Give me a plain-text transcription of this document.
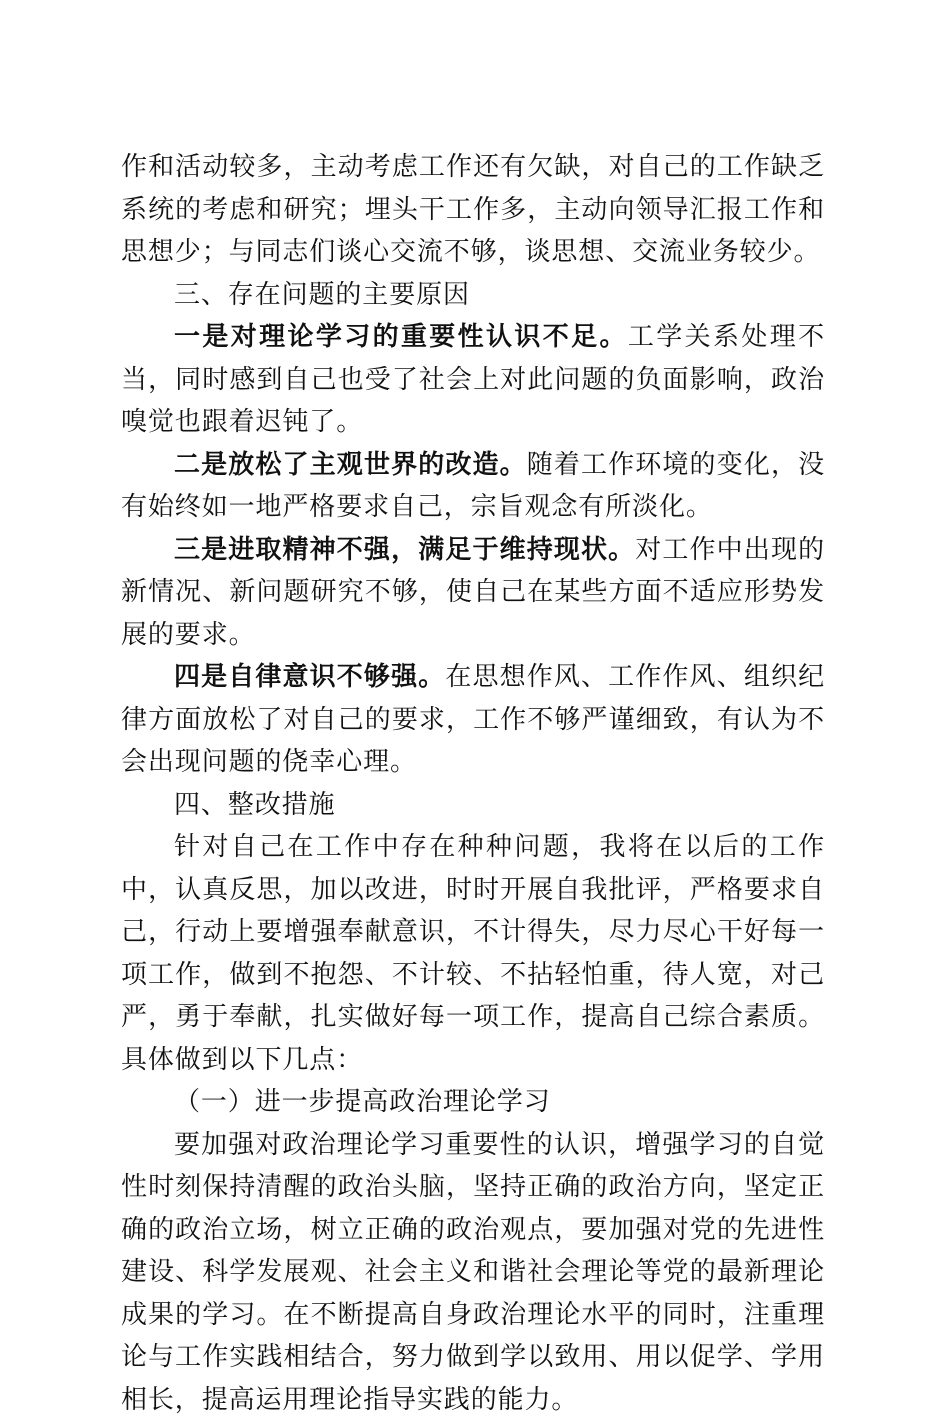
作和活动较多，主动考虑工作还有欠缺，对自己的工作缺乏系统的考虑和研究；埋头干工作多，主动向领导汇报工作和思想少；与同志们谈心交流不够，谈思想、交流业务较少。

三、存在问题的主要原因

一是对理论学习的重要性认识不足。工学关系处理不当，同时感到自己也受了社会上对此问题的负面影响，政治嗅觉也跟着迟钝了。

二是放松了主观世界的改造。随着工作环境的变化，没有始终如一地严格要求自己，宗旨观念有所淡化。

三是进取精神不强，满足于维持现状。对工作中出现的新情况、新问题研究不够，使自己在某些方面不适应形势发展的要求。

四是自律意识不够强。在思想作风、工作作风、组织纪律方面放松了对自己的要求，工作不够严谨细致，有认为不会出现问题的侥幸心理。

四、整改措施

针对自己在工作中存在种种问题，我将在以后的工作中，认真反思，加以改进，时时开展自我批评，严格要求自己，行动上要增强奉献意识，不计得失，尽力尽心干好每一项工作，做到不抱怨、不计较、不拈轻怕重，待人宽，对己严，勇于奉献，扎实做好每一项工作，提高自己综合素质。具体做到以下几点：

（一）进一步提高政治理论学习

要加强对政治理论学习重要性的认识，增强学习的自觉性时刻保持清醒的政治头脑，坚持正确的政治方向，坚定正确的政治立场，树立正确的政治观点，要加强对党的先进性建设、科学发展观、社会主义和谐社会理论等党的最新理论成果的学习。在不断提高自身政治理论水平的同时，注重理论与工作实践相结合，努力做到学以致用、用以促学、学用相长，提高运用理论指导实践的能力。
